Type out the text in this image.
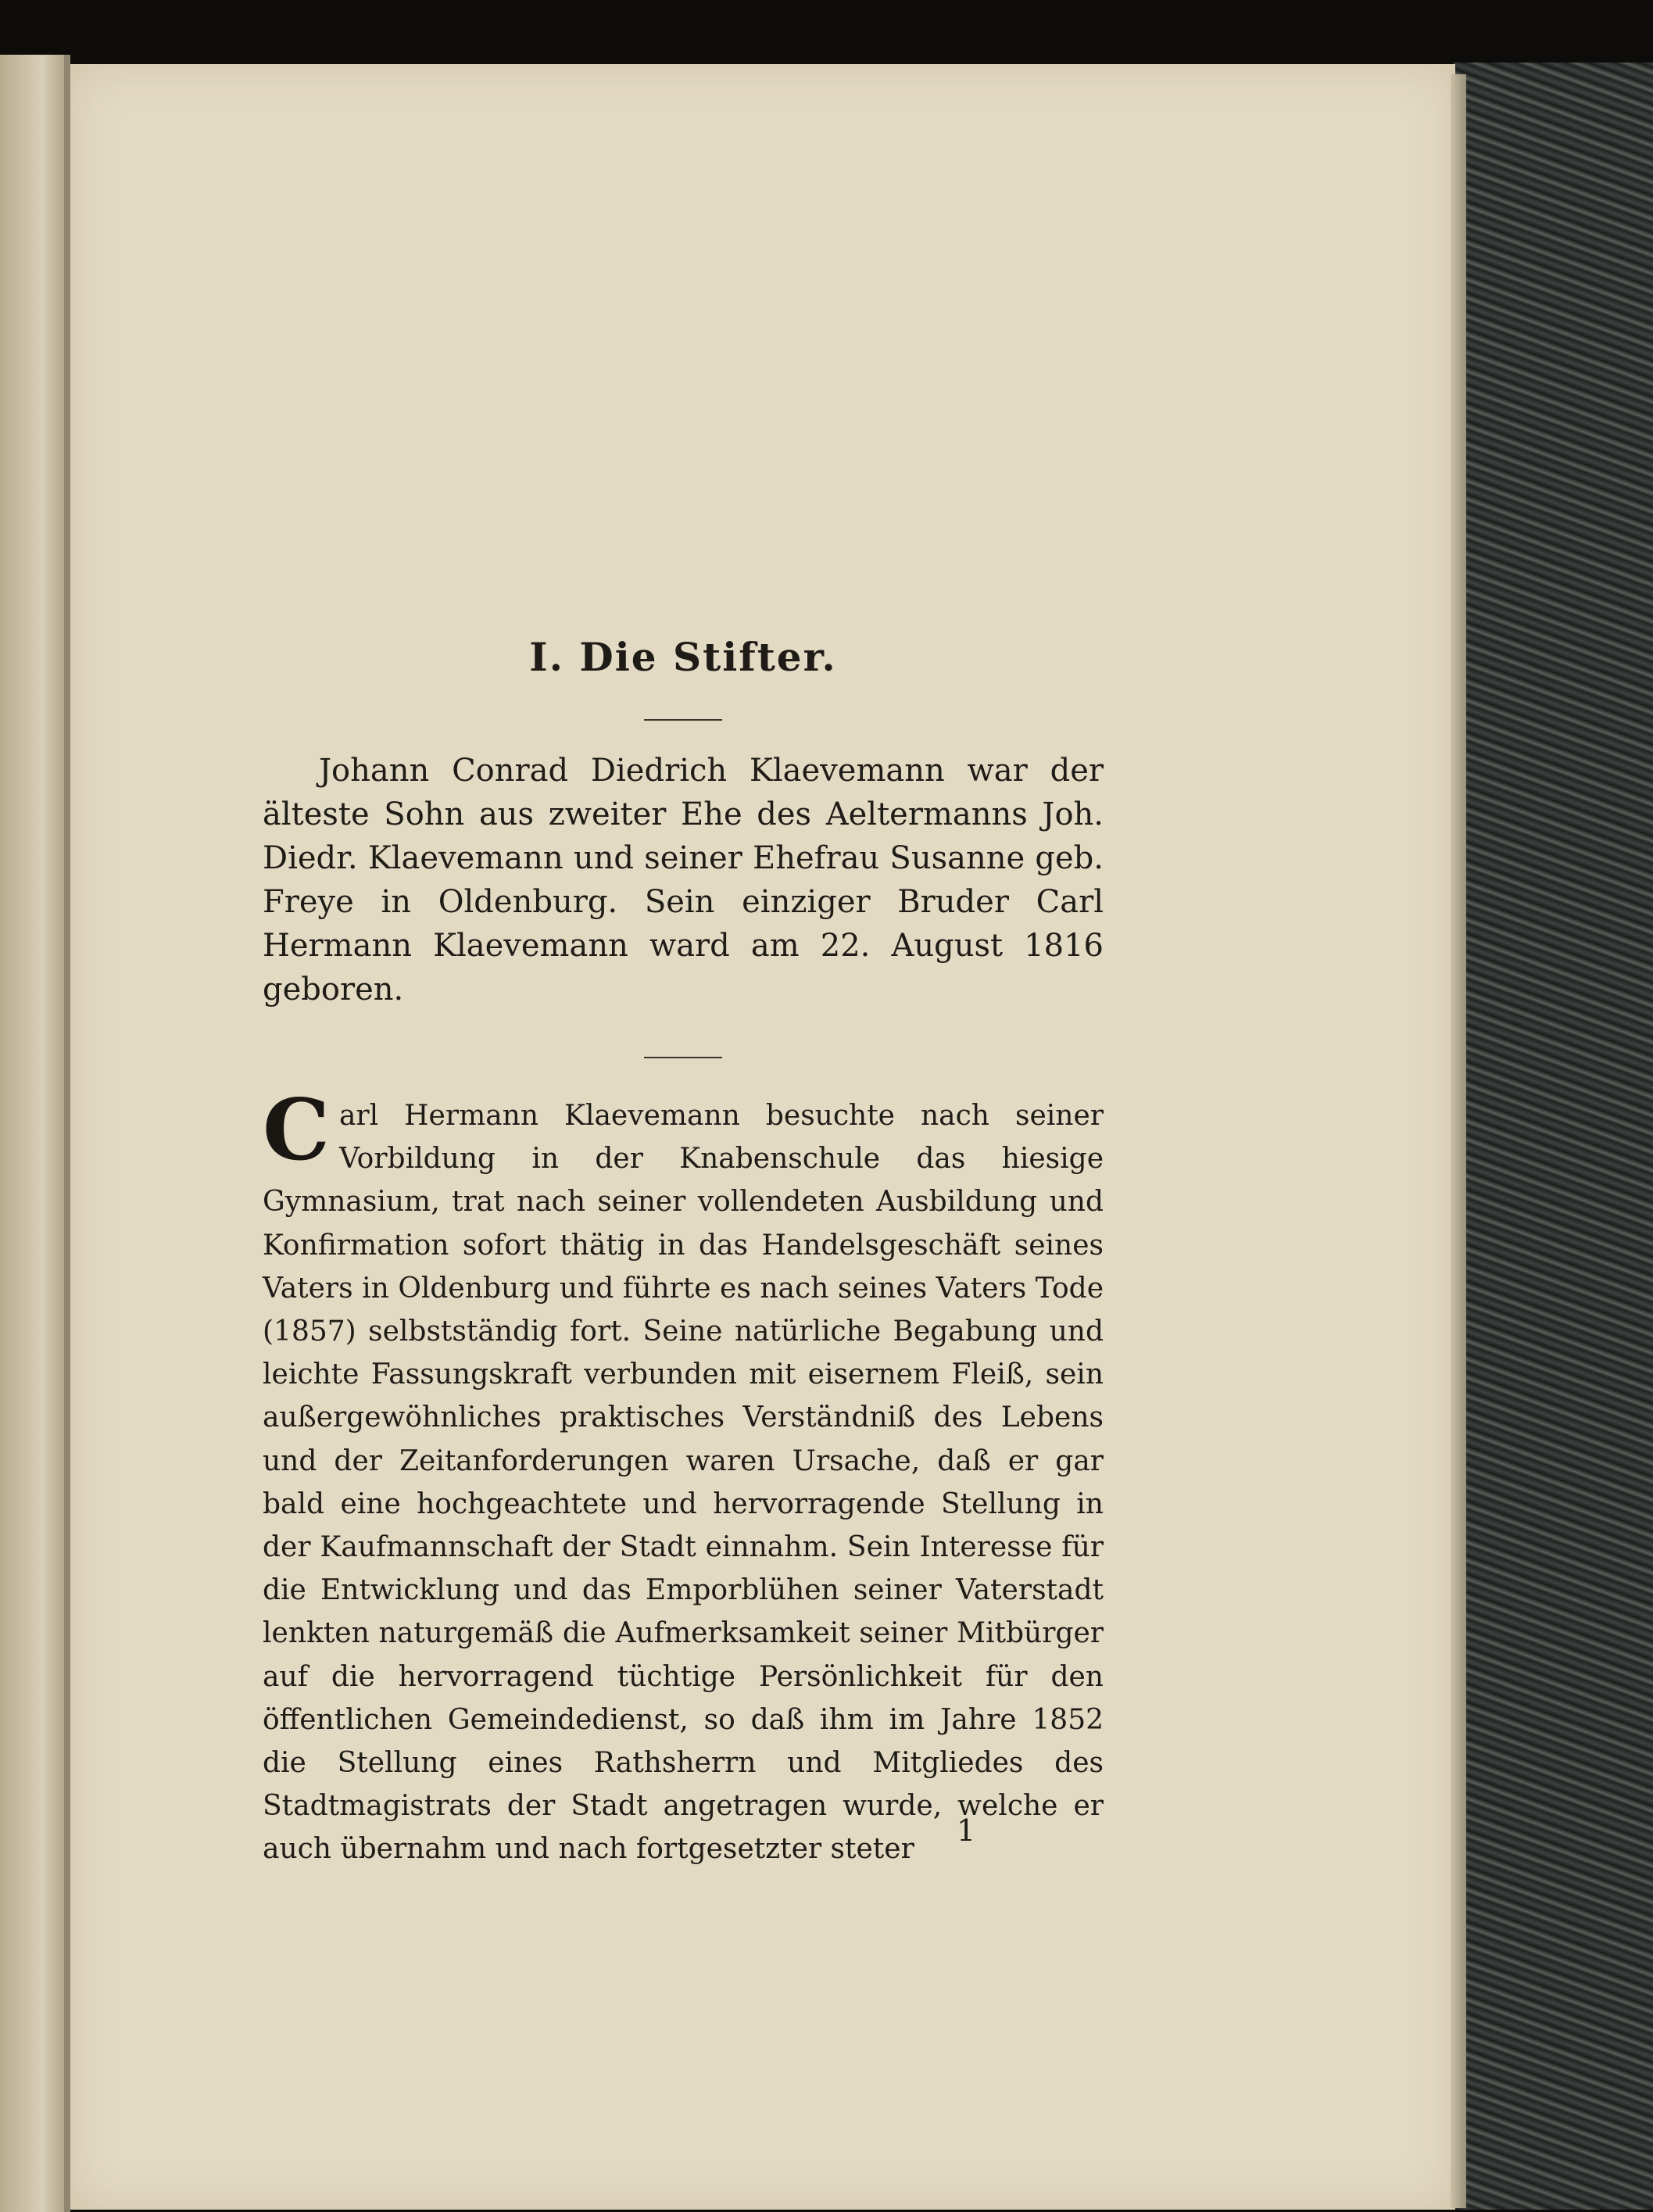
I. Die Stifter.

Johann Conrad Diedrich Klaevemann war der älteste Sohn aus zweiter Ehe des Aeltermanns Joh. Diedr. Klaevemann und seiner Ehefrau Susanne geb. Freye in Oldenburg. Sein einziger Bruder Carl Hermann Klaevemann ward am 22. August 1816 geboren.

C arl Hermann Klaevemann besuchte nach seiner Vorbildung in der Knabenschule das hiesige Gymnasium, trat nach seiner vollendeten Ausbildung und Konfirmation sofort thätig in das Handelsgeschäft seines Vaters in Oldenburg und führte es nach seines Vaters Tode (1857) selbstständig fort. Seine natürliche Begabung und leichte Fassungskraft verbunden mit eisernem Fleiß, sein außergewöhnliches praktisches Verständniß des Lebens und der Zeitanforderungen waren Ursache, daß er gar bald eine hochgeachtete und hervorragende Stellung in der Kaufmannschaft der Stadt einnahm. Sein Interesse für die Entwicklung und das Emporblühen seiner Vaterstadt lenkten naturgemäß die Aufmerksamkeit seiner Mitbürger auf die hervorragend tüchtige Persönlichkeit für den öffentlichen Gemeindedienst, so daß ihm im Jahre 1852 die Stellung eines Rathsherrn und Mitgliedes des Stadtmagistrats der Stadt angetragen wurde, welche er auch übernahm und nach fortgesetzter steter

1
